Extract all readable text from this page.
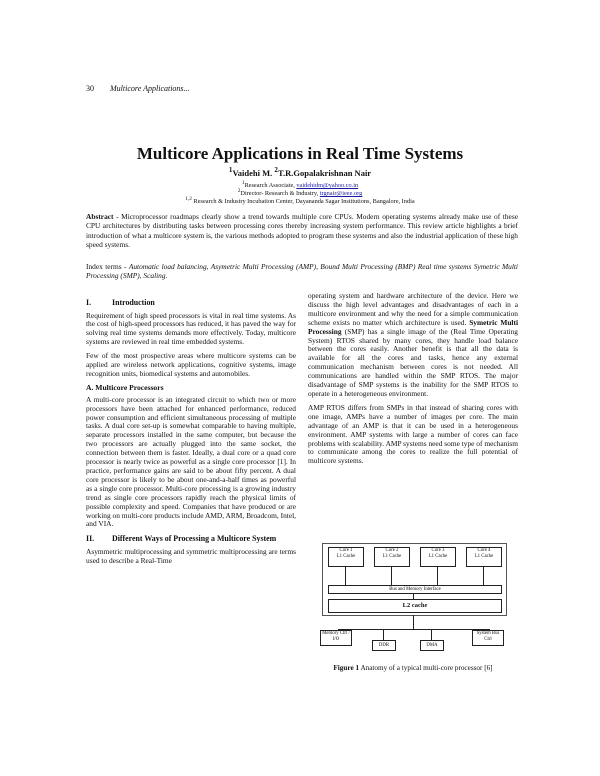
30 Multicore Applications...
Multicore Applications in Real Time Systems
$^1$Vaidehi M. $^2$T.R.Gopalakrishnan Nair
$^1$Research Associate, vaidehidm@yahoo.co.in
$^2$Director- Research & Industry, trgnair@ieee.org
$^{1,2}$ Research & Industry Incubation Center, Dayananda Sagar Institutions, Bangalore, India
Abstract - Microprocessor roadmaps clearly show a trend towards multiple core CPUs. Modern operating systems already make use of these CPU architectures by distributing tasks between processing cores thereby increasing system performance. This review article highlights a brief introduction of what a multicore system is, the various methods adopted to program these systems and also the industrial application of these high speed systems.
Index terms - Automatic load balancing, Asymetric Multi Processing (AMP), Bound Multi Processing (BMP) Real time systems Symetric Multi Processing (SMP), Scaling.
I.	Introduction

Requirement of high speed processors is vital in real time systems. As the cost of high-speed processors has reduced, it has paved the way for solving real time systems demands more effectively. Today, multicore systems are reviewed in real time embedded systems.

Few of the most prospective areas where multicore systems can be applied are wireless network applications, cognitive systems, image recognition units, biomedical systems and automobiles.

A. Multicore Processors

A multi-core processor is an integrated circuit to which two or more processors have been attached for enhanced performance, reduced power consumption and efficient simultaneous processing of multiple tasks. A dual core set-up is somewhat comparable to having multiple, separate processors installed in the same computer, but because the two processors are actually plugged into the same socket, the connection between them is faster. Ideally, a dual core or a quad core processor is nearly twice as powerful as a single core processor [1]. In practice, performance gains are said to be about fifty percent. A dual core processor is likely to be about one-and-a-half times as powerful as a single core processor. Multi-core processing is a growing industry trend as single core processors rapidly reach the physical limits of possible complexity and speed. Companies that have produced or are working on multi-core products include AMD, ARM, Broadcom, Intel, and VIA.

II. Different Ways of Processing a Multicore System

Asymmetric multiprocessing and symmetric multiprocessing are terms used to describe a Real-Time

operating system and hardware architecture of the device. Here we discuss the high level advantages and disadvantages of each in a multicore environment and why the need for a simple communication scheme exists no matter which architecture is used. Symetric Multi Processing (SMP) has a single image of the (Real Time Operating System) RTOS shared by many cores, they handle load balance between the cores easily. Another benefit is that all the data is available for all the cores and tasks, hence any external communication mechanism between cores is not needed. All communications are handled within the SMP RTOS. The major disadvantage of SMP systems is the inability for the SMP RTOS to operate in a heterogeneous environment.

AMP RTOS differs from SMPs in that instead of sharing cores with one image, AMPs have a number of images per core. The main advantage of an AMP is that it can be used in a heterogeneous environment. AMP systems with large a number of cores can face problems with scalability. AMP systems need some type of mechanism to communicate among the cores to realize the full potential of multicore systems.

Core 1
L1 Cache
Core 2
L1 Cache
Core 3
L1 Cache
Core 4
L1 Cache
Bus and Memory Interface
L2 cache
Memory Ctrl / I/O
DDR	DMA
System Bus Ctrl
Figure 1 Anatomy of a typical multi-core processor [6]
